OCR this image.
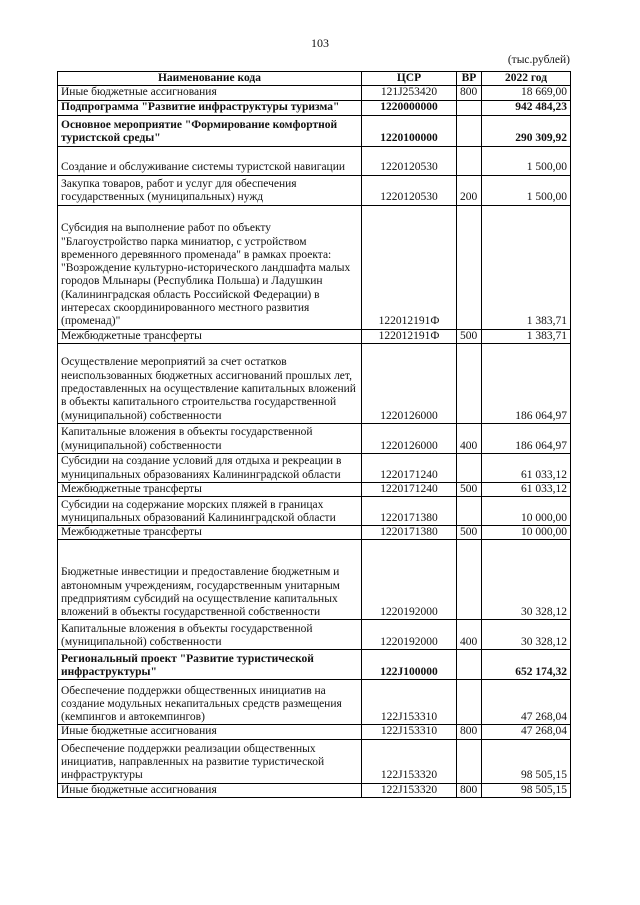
103
(тыс.рублей)
Наименование кода	ЦСР	ВР	2022 год
Иные бюджетные ассигнования	121J253420	800	18 669,00
Подпрограмма "Развитие инфраструктуры туризма"	1220000000		942 484,23
Основное мероприятие "Формирование комфортной туристской среды"	1220100000		290 309,92
Создание и обслуживание системы туристской навигации	1220120530		1 500,00
Закупка товаров, работ и услуг для обеспечения государственных (муниципальных) нужд	1220120530	200	1 500,00
Субсидия на выполнение работ по объекту "Благоустройство парка миниатюр, с устройством временного деревянного променада" в рамках проекта: "Возрождение культурно-исторического ландшафта малых городов Млынары (Республика Польша) и Ладушкин (Калининградская область Российской Федерации) в интересах скоординированного местного развития (променад)"	122012191Ф		1 383,71
Межбюджетные трансферты	122012191Ф	500	1 383,71
Осуществление мероприятий за счет остатков неиспользованных бюджетных ассигнований прошлых лет, предоставленных на осуществление капитальных вложений в объекты капитального строительства государственной (муниципальной) собственности	1220126000		186 064,97
Капитальные вложения в объекты государственной (муниципальной) собственности	1220126000	400	186 064,97
Субсидии на создание условий для отдыха и рекреации в муниципальных образованиях Калининградской области	1220171240		61 033,12
Межбюджетные трансферты	1220171240	500	61 033,12
Субсидии на содержание морских пляжей в границах муниципальных образований Калининградской области	1220171380		10 000,00
Межбюджетные трансферты	1220171380	500	10 000,00
Бюджетные инвестиции и предоставление бюджетным и автономным учреждениям, государственным унитарным предприятиям субсидий на осуществление капитальных вложений в объекты государственной собственности	1220192000		30 328,12
Капитальные вложения в объекты государственной (муниципальной) собственности	1220192000	400	30 328,12
Региональный проект "Развитие туристической инфраструктуры"	122J100000		652 174,32
Обеспечение поддержки общественных инициатив на создание модульных некапитальных средств размещения (кемпингов и автокемпингов)	122J153310		47 268,04
Иные бюджетные ассигнования	122J153310	800	47 268,04
Обеспечение поддержки реализации общественных инициатив, направленных на развитие туристической инфраструктуры	122J153320		98 505,15
Иные бюджетные ассигнования	122J153320	800	98 505,15
